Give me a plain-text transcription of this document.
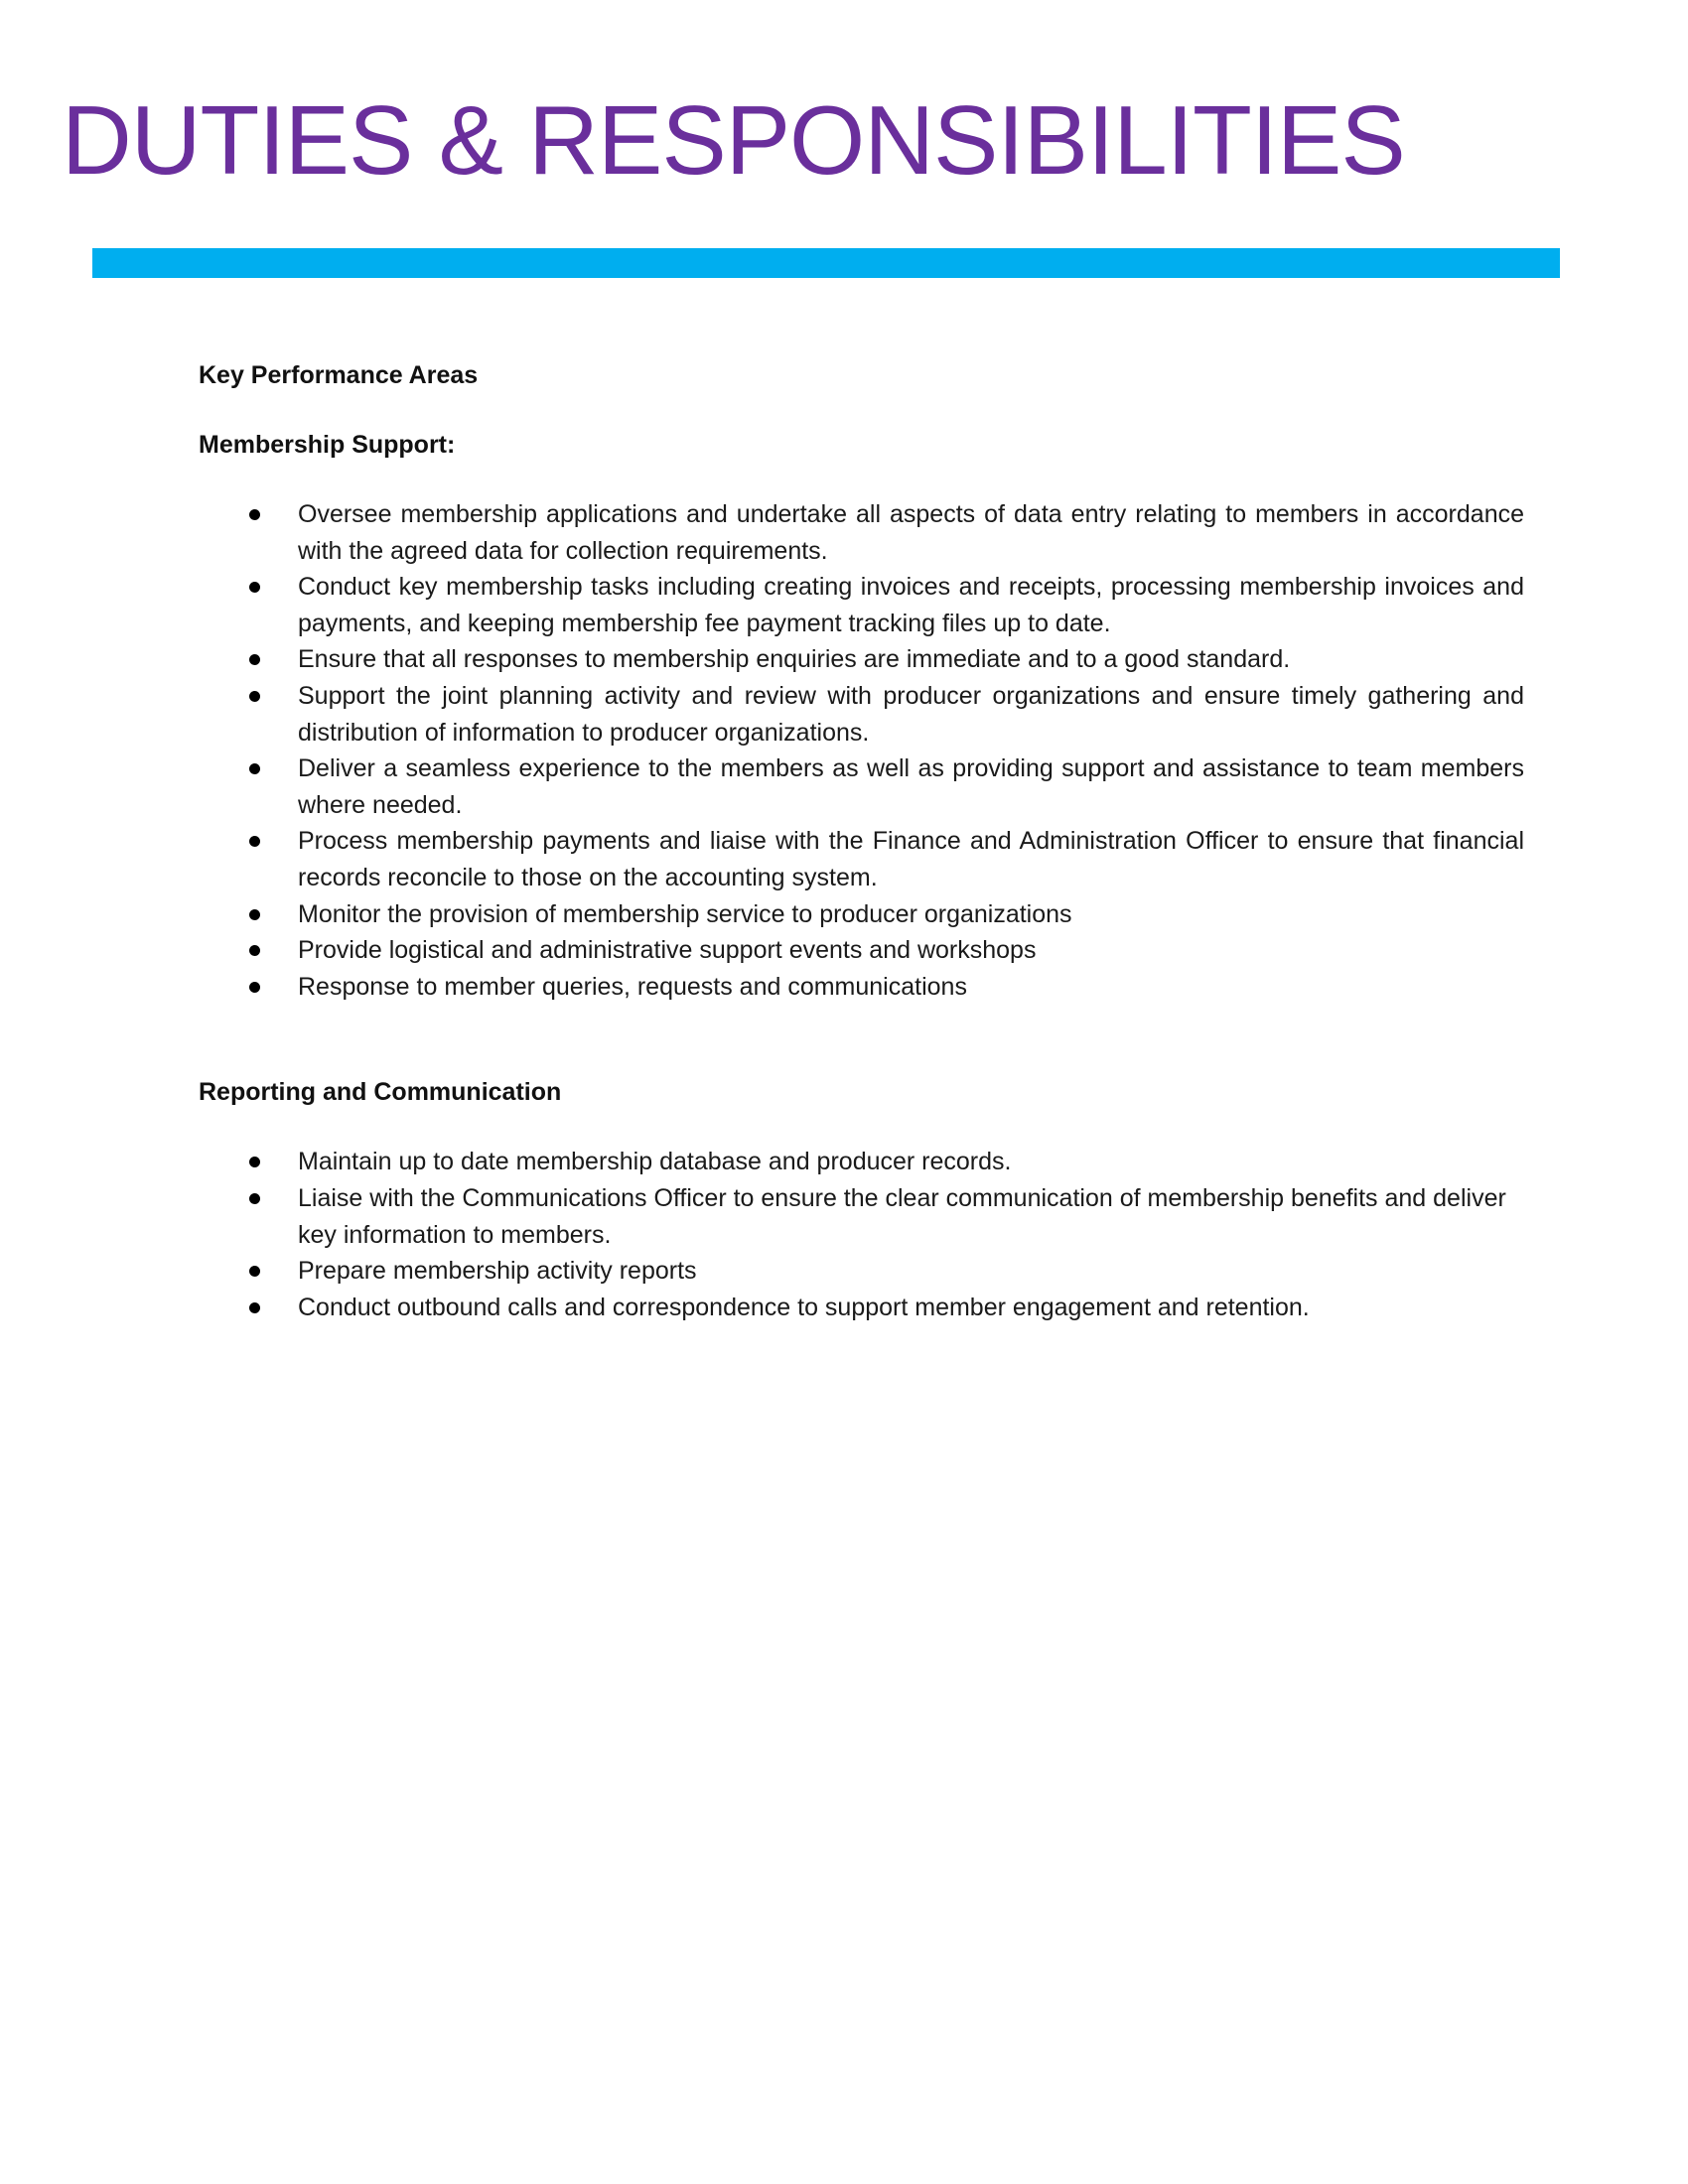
DUTIES & RESPONSIBILITIES

Key Performance Areas

Membership Support:

Oversee membership applications and undertake all aspects of data entry relating to members in accordance with the agreed data for collection requirements.
Conduct key membership tasks including creating invoices and receipts, processing membership invoices and payments, and keeping membership fee payment tracking files up to date.
Ensure that all responses to membership enquiries are immediate and to a good standard.
Support the joint planning activity and review with producer organizations and ensure timely gathering and distribution of information to producer organizations.
Deliver a seamless experience to the members as well as providing support and assistance to team members where needed.
Process membership payments and liaise with the Finance and Administration Officer to ensure that financial records reconcile to those on the accounting system.
Monitor the provision of membership service to producer organizations
Provide logistical and administrative support events and workshops
Response to member queries, requests and communications

Reporting and Communication

Maintain up to date membership database and producer records.
Liaise with the Communications Officer to ensure the clear communication of membership benefits and deliver key information to members.
Prepare membership activity reports
Conduct outbound calls and correspondence to support member engagement and retention.
